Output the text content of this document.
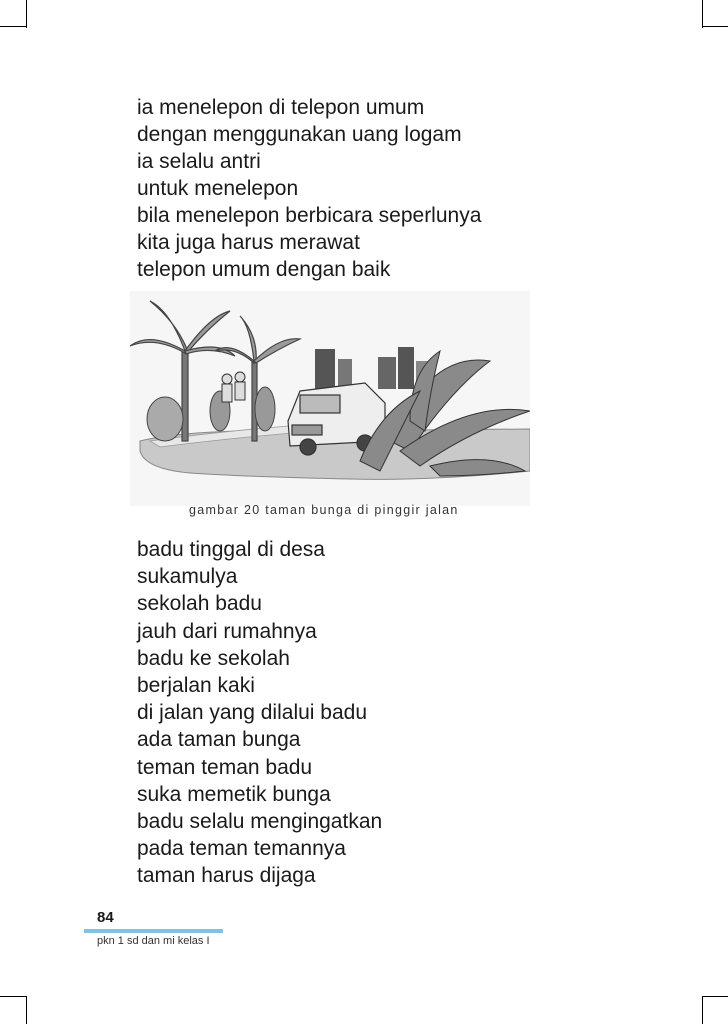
ia menelepon di telepon umum
dengan menggunakan uang logam
ia selalu antri
untuk menelepon
bila menelepon berbicara seperlunya
kita juga harus merawat
telepon umum dengan baik
gambar 20 taman bunga di pinggir jalan
badu tinggal di desa
sukamulya
sekolah badu
jauh dari rumahnya
badu ke sekolah
berjalan kaki
di jalan yang dilalui badu
ada taman bunga
teman teman badu
suka memetik bunga
badu selalu mengingatkan
pada teman temannya
taman harus dijaga
84
pkn 1 sd dan mi kelas I
